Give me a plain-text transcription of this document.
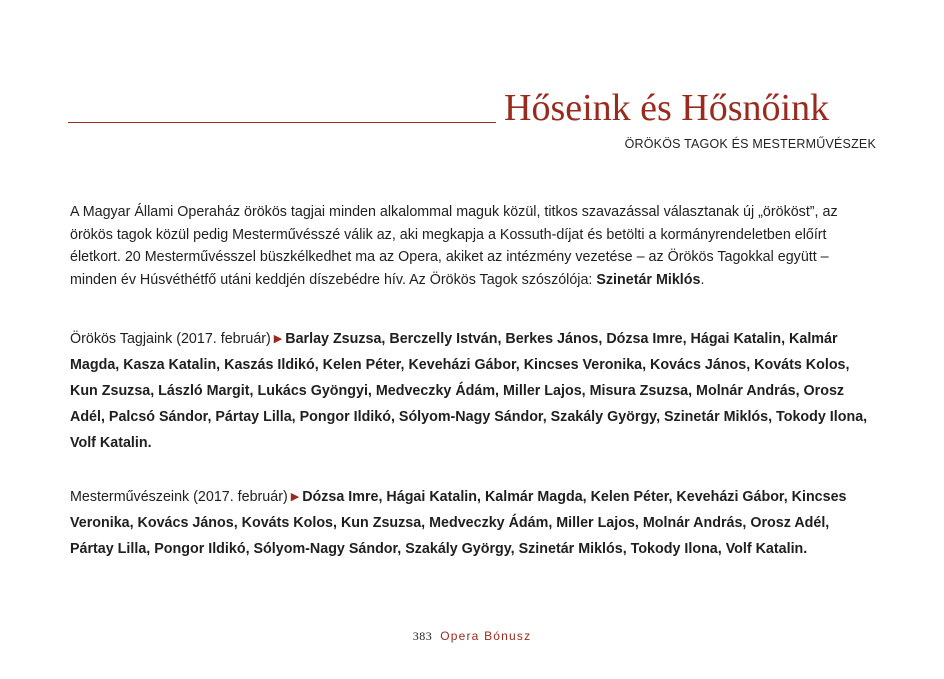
Hőseink és Hősnőink
ÖRÖKÖS TAGOK ÉS MESTERMŰVÉSZEK

A Magyar Állami Operaház örökös tagjai minden alkalommal maguk közül, titkos szavazással választanak új „örököst”, az örökös tagok közül pedig Mesterművésszé válik az, aki megkapja a Kossuth-díjat és betölti a kormányrendeletben előírt életkort. 20 Mesterművésszel büszkélkedhet ma az Opera, akiket az intézmény vezetése – az Örökös Tagokkal együtt – minden év Húsvéthétfő utáni keddjén díszebédre hív. Az Örökös Tagok szószólója: Szinetár Miklós.

Örökös Tagjaink (2017. február) ▶ Barlay Zsuzsa, Berczelly István, Berkes János, Dózsa Imre, Hágai Katalin, Kalmár Magda, Kasza Katalin, Kaszás Ildikó, Kelen Péter, Keveházi Gábor, Kincses Veronika, Kovács János, Kováts Kolos, Kun Zsuzsa, László Margit, Lukács Gyöngyi, Medveczky Ádám, Miller Lajos, Misura Zsuzsa, Molnár András, Orosz Adél, Palcsó Sándor, Pártay Lilla, Pongor Ildikó, Sólyom-Nagy Sándor, Szakály György, Szinetár Miklós, Tokody Ilona, Volf Katalin.

Mesterművészeink (2017. február) ▶ Dózsa Imre, Hágai Katalin, Kalmár Magda, Kelen Péter, Keveházi Gábor, Kincses Veronika, Kovács János, Kováts Kolos, Kun Zsuzsa, Medveczky Ádám, Miller Lajos, Molnár András, Orosz Adél, Pártay Lilla, Pongor Ildikó, Sólyom-Nagy Sándor, Szakály György, Szinetár Miklós, Tokody Ilona, Volf Katalin.

383 Opera Bónusz
